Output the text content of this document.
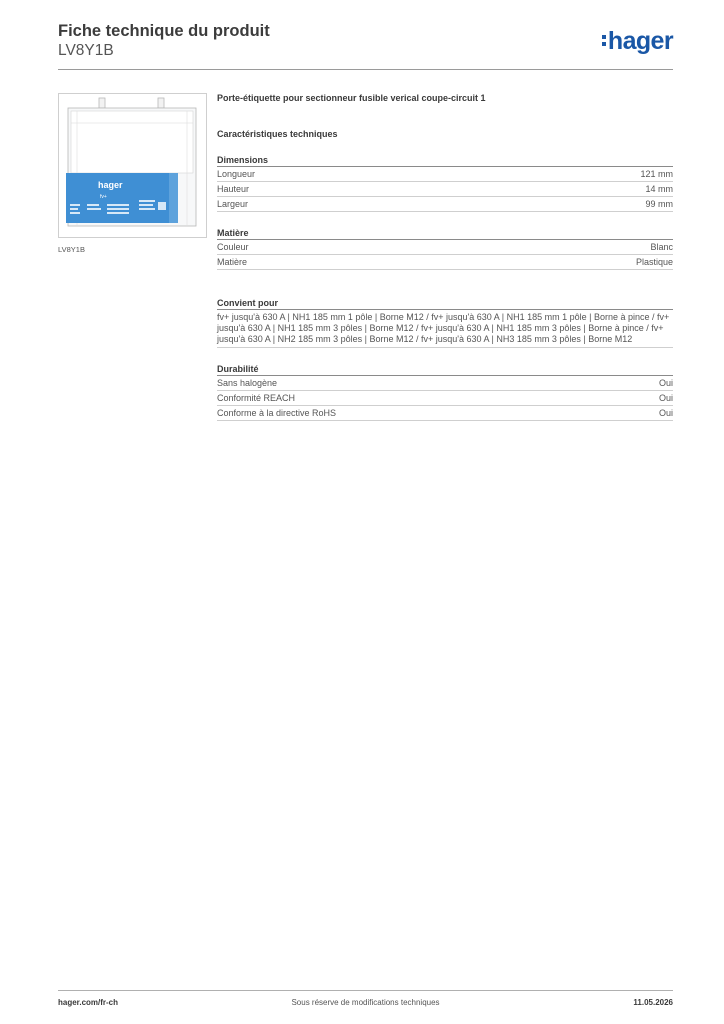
Fiche technique du produit
LV8Y1B	hager
hager
fv+
LV8Y1B
Porte-étiquette pour sectionneur fusible verical coupe-circuit 1
Caractéristiques techniques
Dimensions
Longueur	121 mm
Hauteur	14 mm
Largeur	99 mm
Matière
Couleur	Blanc
Matière	Plastique
Convient pour
fv+ jusqu'à 630 A | NH1 185 mm 1 pôle | Borne M12 / fv+ jusqu'à 630 A | NH1 185 mm 1 pôle | Borne à pince / fv+ jusqu'à 630 A | NH1 185 mm 3 pôles | Borne M12 / fv+ jusqu'à 630 A | NH1 185 mm 3 pôles | Borne à pince / fv+ jusqu'à 630 A | NH2 185 mm 3 pôles | Borne M12 / fv+ jusqu'à 630 A | NH3 185 mm 3 pôles | Borne M12
Durabilité
Sans halogène	Oui
Conformité REACH	Oui
Conforme à la directive RoHS	Oui
hager.com/fr-ch	Sous réserve de modifications techniques	11.05.2026
